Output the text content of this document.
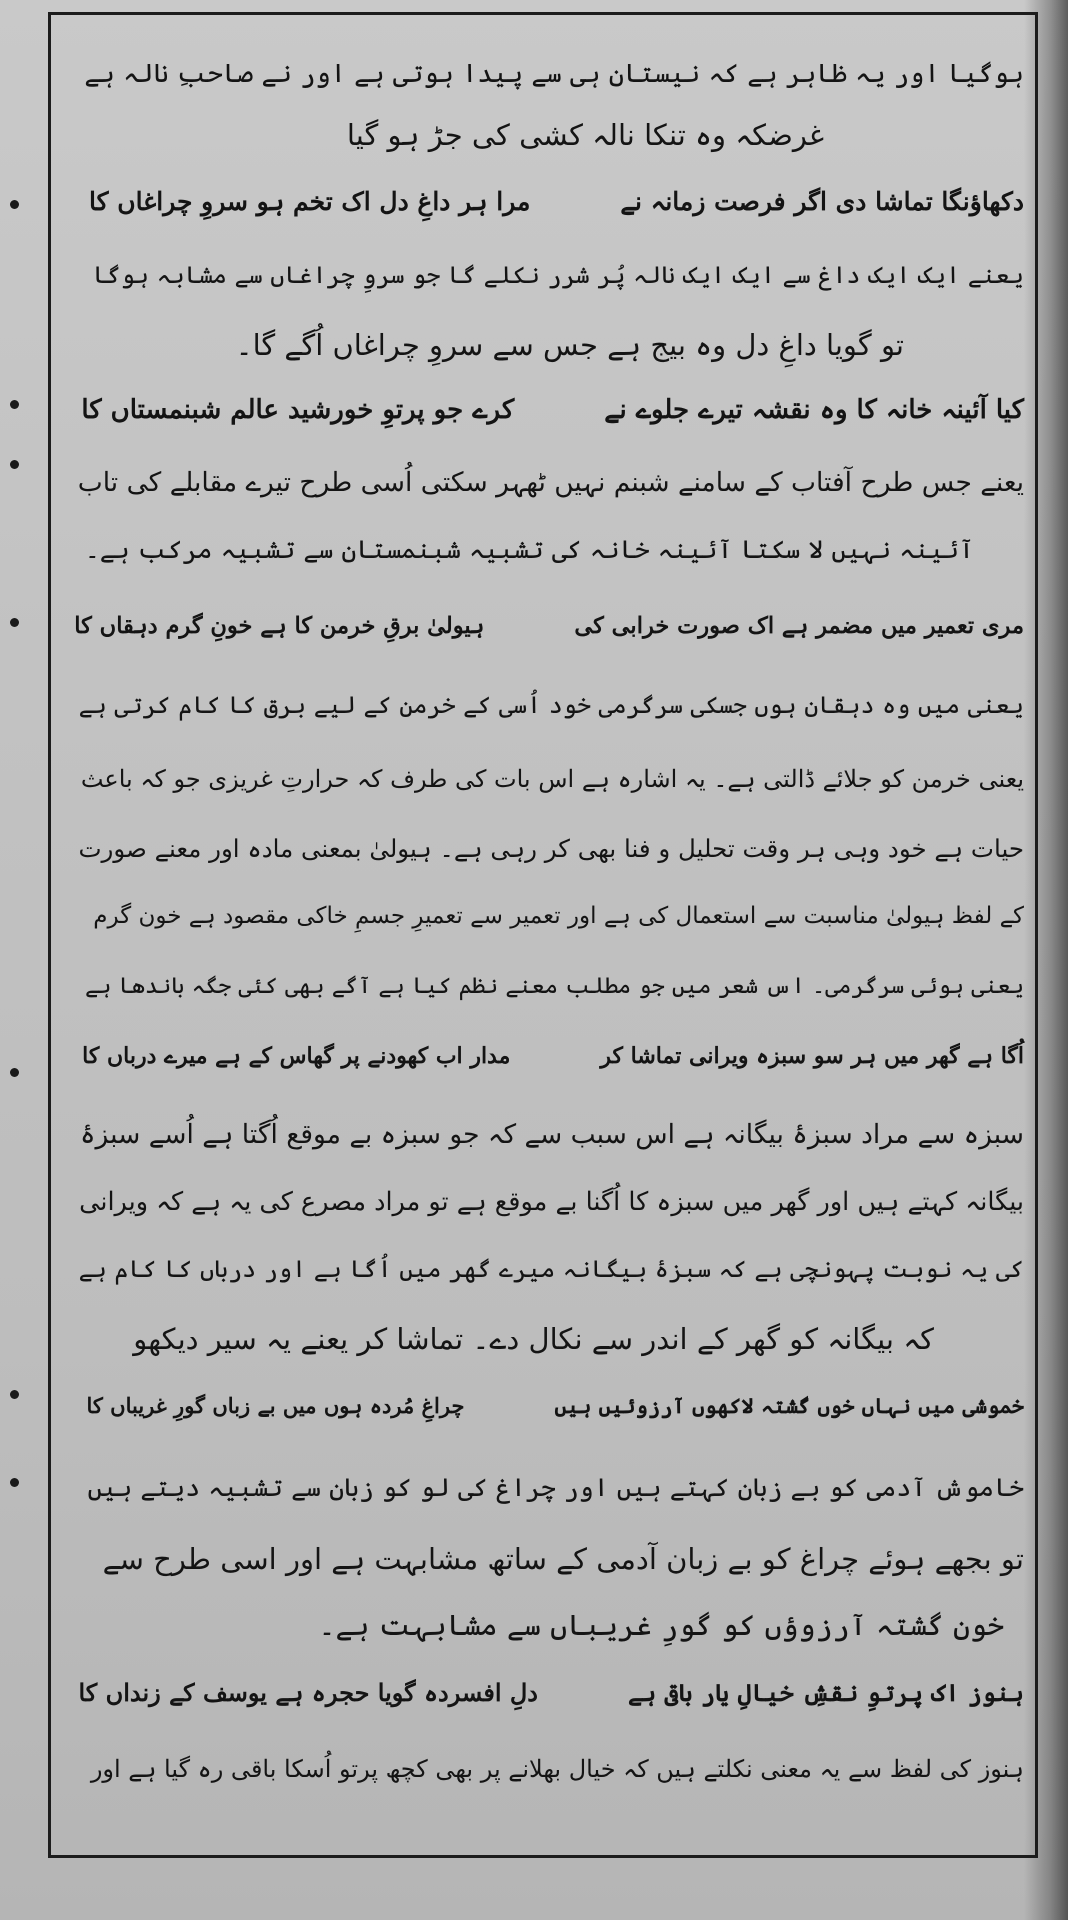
ہوگیا اور یہ ظاہر ہے کہ نیستان ہی سے پیدا ہوتی ہے اور نے صاحبِ نالہ ہے
غرضکہ وہ تنکا نالہ کشی کی جڑ ہو گیا
دکھاؤنگا تماشا دی اگر فرصت زمانہ نےمرا ہر داغِ دل اک تخم ہو سروِ چراغاں کا
یعنے ایک ایک داغ سے ایک ایک نالہ پُر شرر نکلے گا جو سروِ چراغاں سے مشابہ ہوگا
تو گویا داغِ دل وہ بیج ہے جس سے سروِ چراغاں اُگے گا۔
کیا آئینہ خانہ کا وہ نقشہ تیرے جلوے نےکرے جو پرتوِ خورشید عالم شبنمستاں کا
یعنے جس طرح آفتاب کے سامنے شبنم نہیں ٹھہر سکتی اُسی طرح تیرے مقابلے کی تاب
آئینہ نہیں لا سکتا آئینہ خانہ کی تشبیہ شبنمستان سے تشبیہ مرکب ہے۔
مری تعمیر میں مضمر ہے اک صورت خرابی کیہیولیٰ برقِ خرمن کا ہے خونِ گرم دہقاں کا
یعنی میں وہ دہقان ہوں جسکی سرگرمی خود اُسی کے خرمن کے لیے برق کا کام کرتی ہے
یعنی خرمن کو جلائے ڈالتی ہے۔ یہ اشارہ ہے اس بات کی طرف کہ حرارتِ غریزی جو کہ باعث
حیات ہے خود وہی ہر وقت تحلیل و فنا بھی کر رہی ہے۔ ہیولیٰ بمعنی مادہ اور معنے صورت
کے لفظ ہیولیٰ مناسبت سے استعمال کی ہے اور تعمیر سے تعمیرِ جسمِ خاکی مقصود ہے خون گرم
یعنی ہوئی سرگرمی۔ اس شعر میں جو مطلب معنے نظم کیا ہے آگے بھی کئی جگہ باندھا ہے
اُگا ہے گھر میں ہر سو سبزہ ویرانی تماشا کرمدار اب کھودنے پر گھاس کے ہے میرے درباں کا
سبزہ سے مراد سبزۂ بیگانہ ہے اس سبب سے کہ جو سبزہ بے موقع اُگتا ہے اُسے سبزۂ
بیگانہ کہتے ہیں اور گھر میں سبزہ کا اُگنا بے موقع ہے تو مراد مصرع کی یہ ہے کہ ویرانی
کی یہ نوبت پہونچی ہے کہ سبزۂ بیگانہ میرے گھر میں اُگا ہے اور درباں کا کام ہے
کہ بیگانہ کو گھر کے اندر سے نکال دے۔ تماشا کر یعنے یہ سیر دیکھو
خموشی میں نہاں خوں گشتہ لاکھوں آرزوئیں ہیںچراغِ مُردہ ہوں میں بے زباں گورِ غریباں کا
خاموش آدمی کو بے زبان کہتے ہیں اور چراغ کی لو کو زبان سے تشبیہ دیتے ہیں
تو بجھے ہوئے چراغ کو بے زبان آدمی کے ساتھ مشابہت ہے اور اسی طرح سے
خون گشتہ آرزوؤں کو گورِ غریباں سے مشابہت ہے۔
ہنوز اک پرتوِ نقشِ خیالِ یار باقی ہےدلِ افسردہ گویا حجرہ ہے یوسف کے زنداں کا
ہنوز کی لفظ سے یہ معنی نکلتے ہیں کہ خیال بھلانے پر بھی کچھ پرتو اُسکا باقی رہ گیا ہے اور
